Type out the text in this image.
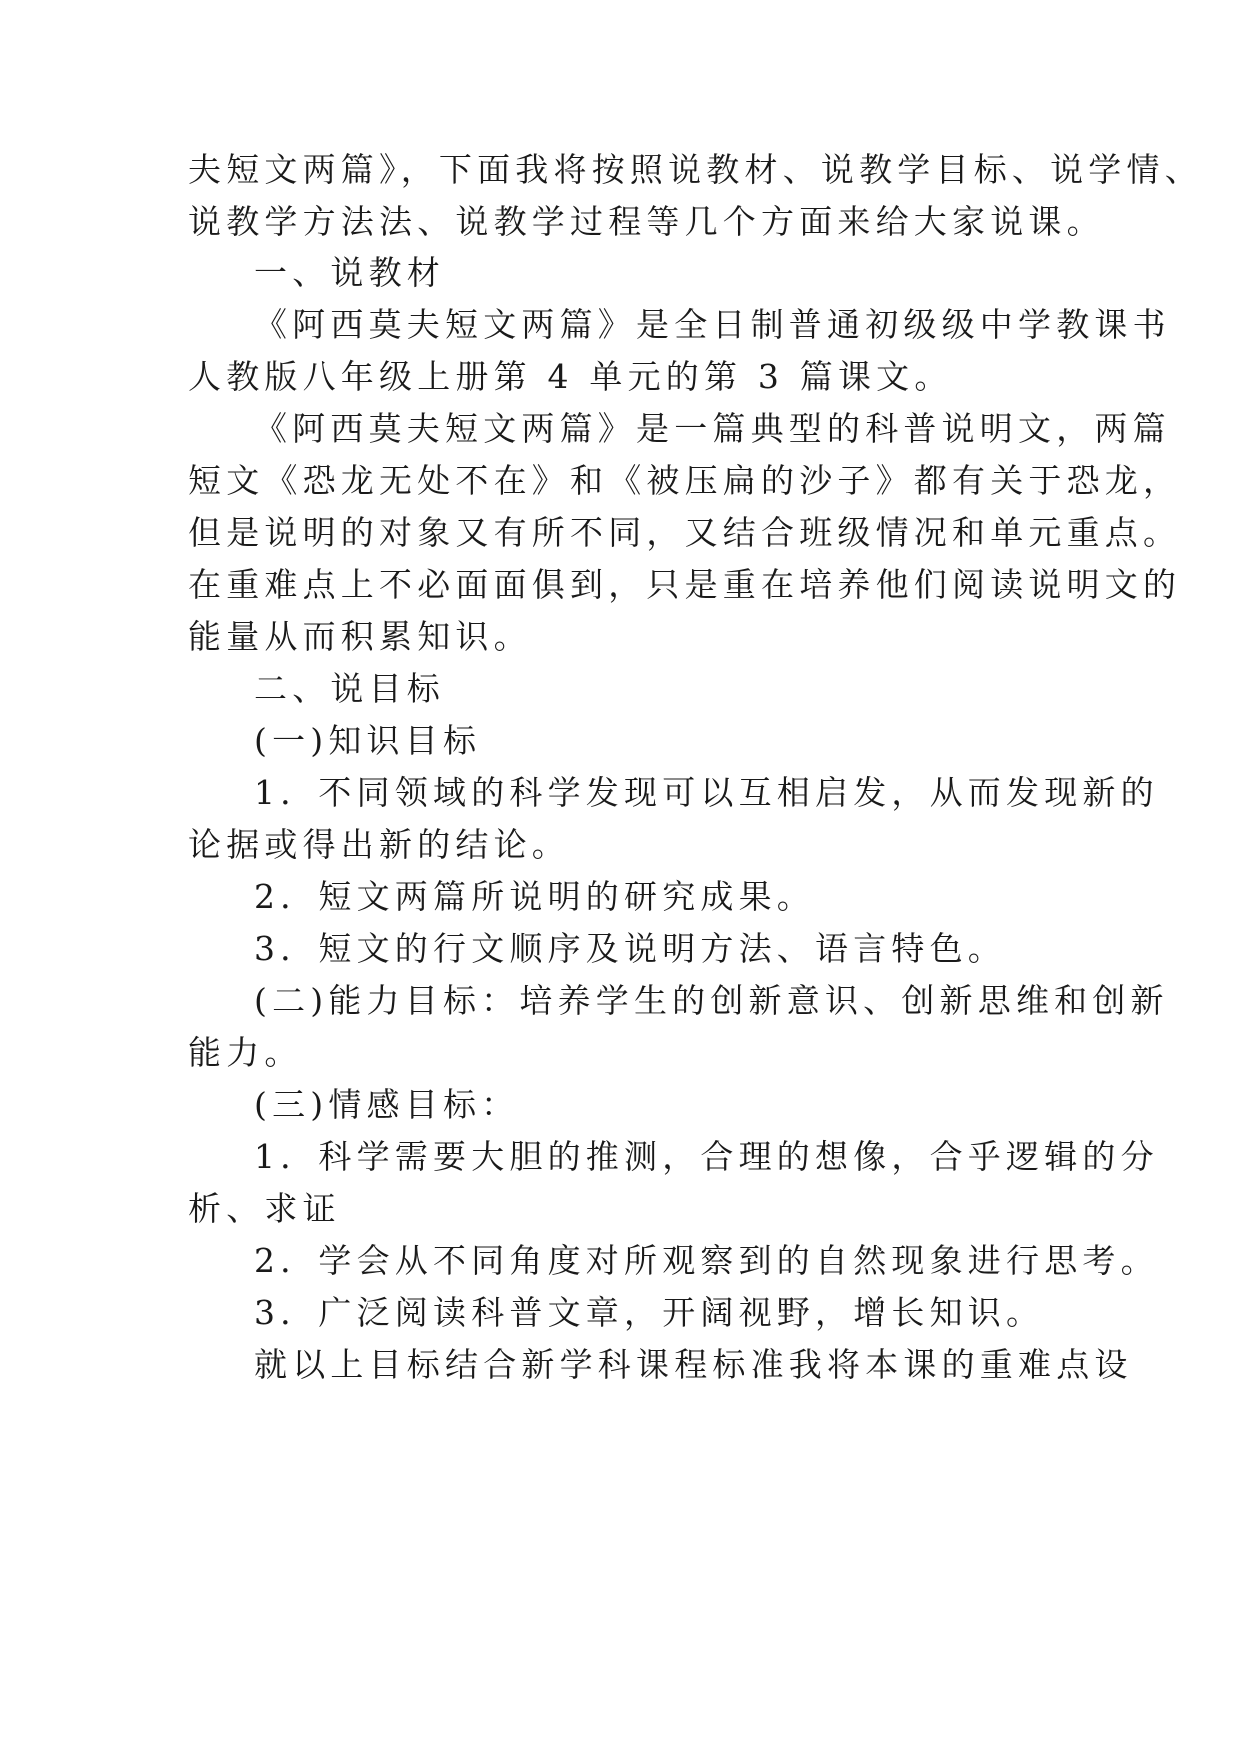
夫短文两篇》，下面我将按照说教材、说教学目标、说学情、
说教学方法法、说教学过程等几个方面来给大家说课。
一、说教材
《阿西莫夫短文两篇》是全日制普通初级级中学教课书
人教版八年级上册第 4 单元的第 3 篇课文。
《阿西莫夫短文两篇》是一篇典型的科普说明文，两篇
短文《恐龙无处不在》和《被压扁的沙子》都有关于恐龙，
但是说明的对象又有所不同，又结合班级情况和单元重点。
在重难点上不必面面俱到，只是重在培养他们阅读说明文的
能量从而积累知识。
二、说目标
(一)知识目标
1．不同领域的科学发现可以互相启发，从而发现新的
论据或得出新的结论。
2．短文两篇所说明的研究成果。
3．短文的行文顺序及说明方法、语言特色。
(二)能力目标：培养学生的创新意识、创新思维和创新
能力。
(三)情感目标：
1．科学需要大胆的推测，合理的想像，合乎逻辑的分
析、求证
2．学会从不同角度对所观察到的自然现象进行思考。
3．广泛阅读科普文章，开阔视野，增长知识。
就以上目标结合新学科课程标准我将本课的重难点设
